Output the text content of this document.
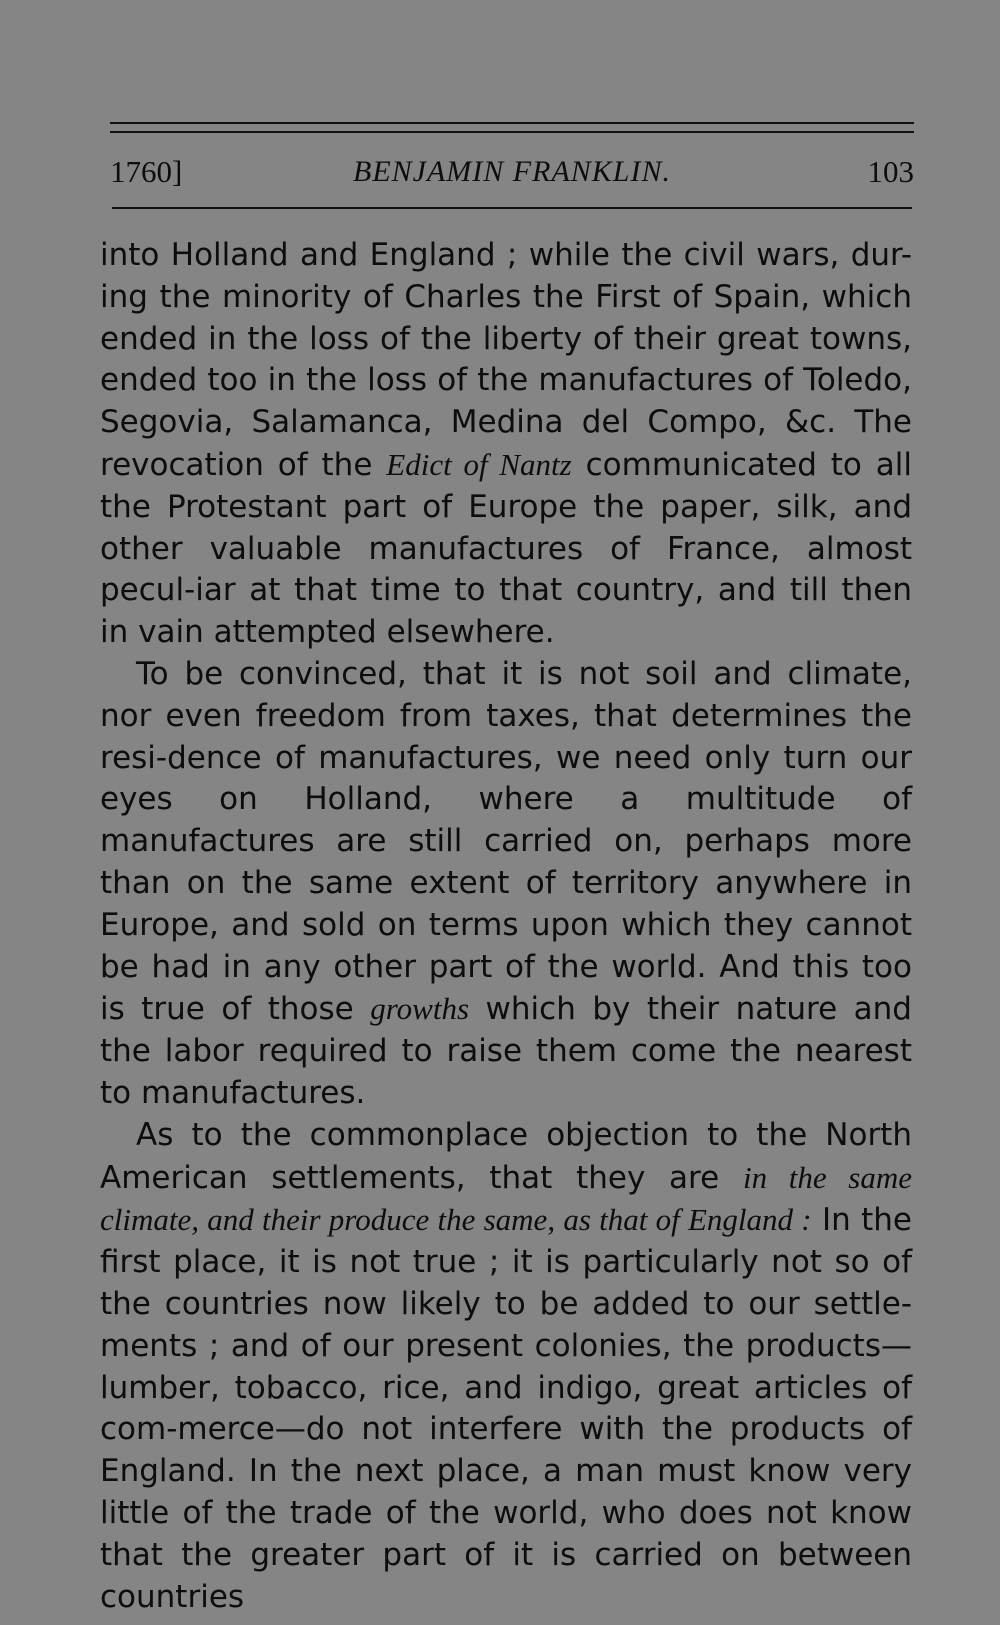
1760]	BENJAMIN FRANKLIN.	103

into Holland and England ; while the civil wars, dur-ing the minority of Charles the First of Spain, which ended in the loss of the liberty of their great towns, ended too in the loss of the manufactures of Toledo, Segovia, Salamanca, Medina del Compo, &c. The revocation of the Edict of Nantz communicated to all the Protestant part of Europe the paper, silk, and other valuable manufactures of France, almost pecul-iar at that time to that country, and till then in vain attempted elsewhere.

To be convinced, that it is not soil and climate, nor even freedom from taxes, that determines the resi-dence of manufactures, we need only turn our eyes on Holland, where a multitude of manufactures are still carried on, perhaps more than on the same extent of territory anywhere in Europe, and sold on terms upon which they cannot be had in any other part of the world. And this too is true of those growths which by their nature and the labor required to raise them come the nearest to manufactures.

As to the commonplace objection to the North American settlements, that they are in the same climate, and their produce the same, as that of England : In the first place, it is not true ; it is particularly not so of the countries now likely to be added to our settle-ments ; and of our present colonies, the products— lumber, tobacco, rice, and indigo, great articles of com-merce—do not interfere with the products of England. In the next place, a man must know very little of the trade of the world, who does not know that the greater part of it is carried on between countries
